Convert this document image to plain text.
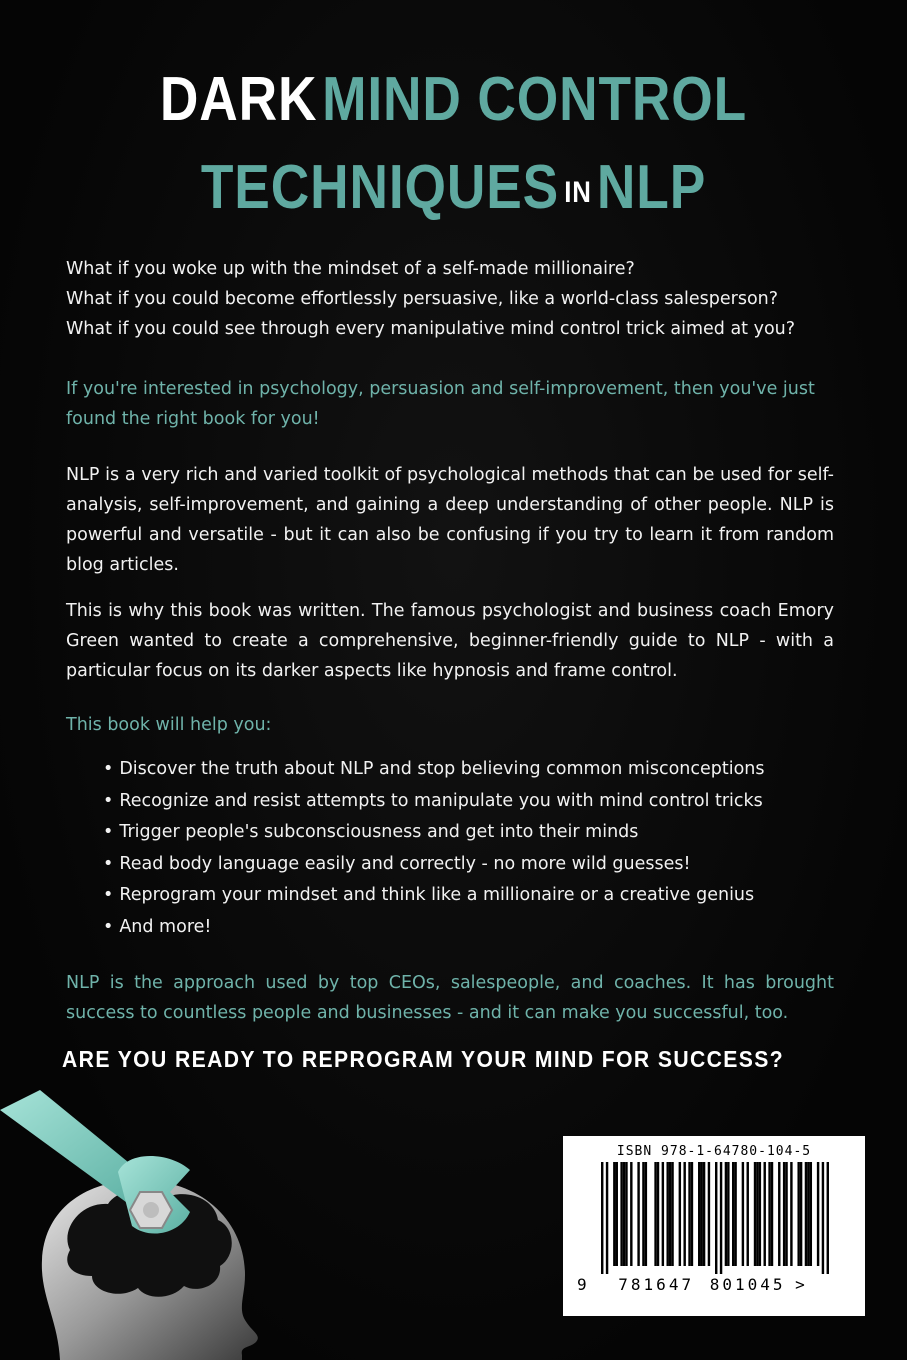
DARK MIND CONTROL
TECHNIQUES INNLP
What if you woke up with the mindset of a self-made millionaire?
What if you could become effortlessly persuasive, like a world-class salesperson?
What if you could see through every manipulative mind control trick aimed at you?
If you're interested in psychology, persuasion and self-improvement, then you've just found the right book for you!
NLP is a very rich and varied toolkit of psychological methods that can be used for self-analysis, self-improvement, and gaining a deep understanding of other people. NLP is powerful and versatile - but it can also be confusing if you try to learn it from random blog articles.
This is why this book was written. The famous psychologist and business coach Emory Green wanted to create a comprehensive, beginner-friendly guide to NLP - with a particular focus on its darker aspects like hypnosis and frame control.
This book will help you:
• Discover the truth about NLP and stop believing common misconceptions
• Recognize and resist attempts to manipulate you with mind control tricks
• Trigger people's subconsciousness and get into their minds
• Read body language easily and correctly - no more wild guesses!
• Reprogram your mindset and think like a millionaire or a creative genius
• And more!
NLP is the approach used by top CEOs, salespeople, and coaches. It has brought success to countless people and businesses - and it can make you successful, too.
ARE YOU READY TO REPROGRAM YOUR MIND FOR SUCCESS?
ISBN 978-1-64780-104-5
9 781647 801045 >
